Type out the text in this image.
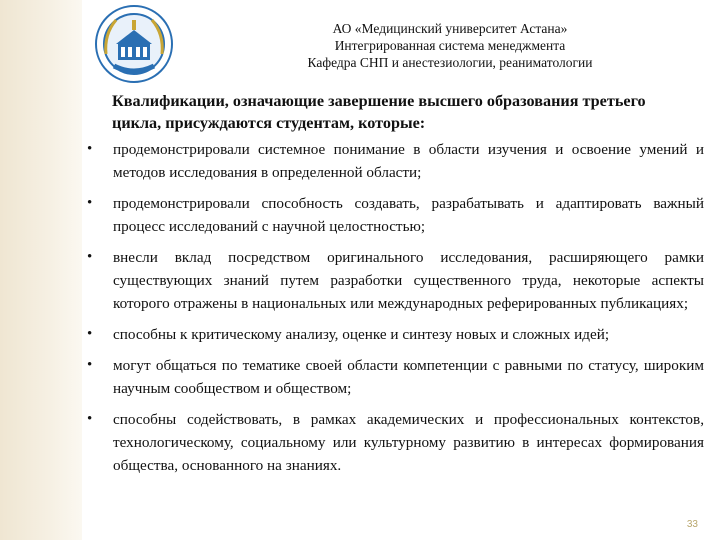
АО «Медицинский университет Астана»
Интегрированная система менеджмента
Кафедра СНП и анестезиологии, реаниматологии
Квалификации, означающие завершение высшего образования третьего цикла, присуждаются студентам, которые:
• продемонстрировали системное понимание в области изучения и освоение умений и методов исследования в определенной области;
• продемонстрировали способность создавать, разрабатывать и адаптировать важный процесс исследований с научной целостностью;
• внесли вклад посредством оригинального исследования, расширяющего рамки существующих знаний путем разработки существенного труда, некоторые аспекты которого отражены в национальных или международных реферированных публикациях;
• способны к критическому анализу, оценке и синтезу новых и сложных идей;
• могут общаться по тематике своей области компетенции с равными по статусу, широким научным сообществом и обществом;
• способны содействовать, в рамках академических и профессиональных контекстов, технологическому, социальному или культурному развитию в интересах формирования общества, основанного на знаниях.
33
